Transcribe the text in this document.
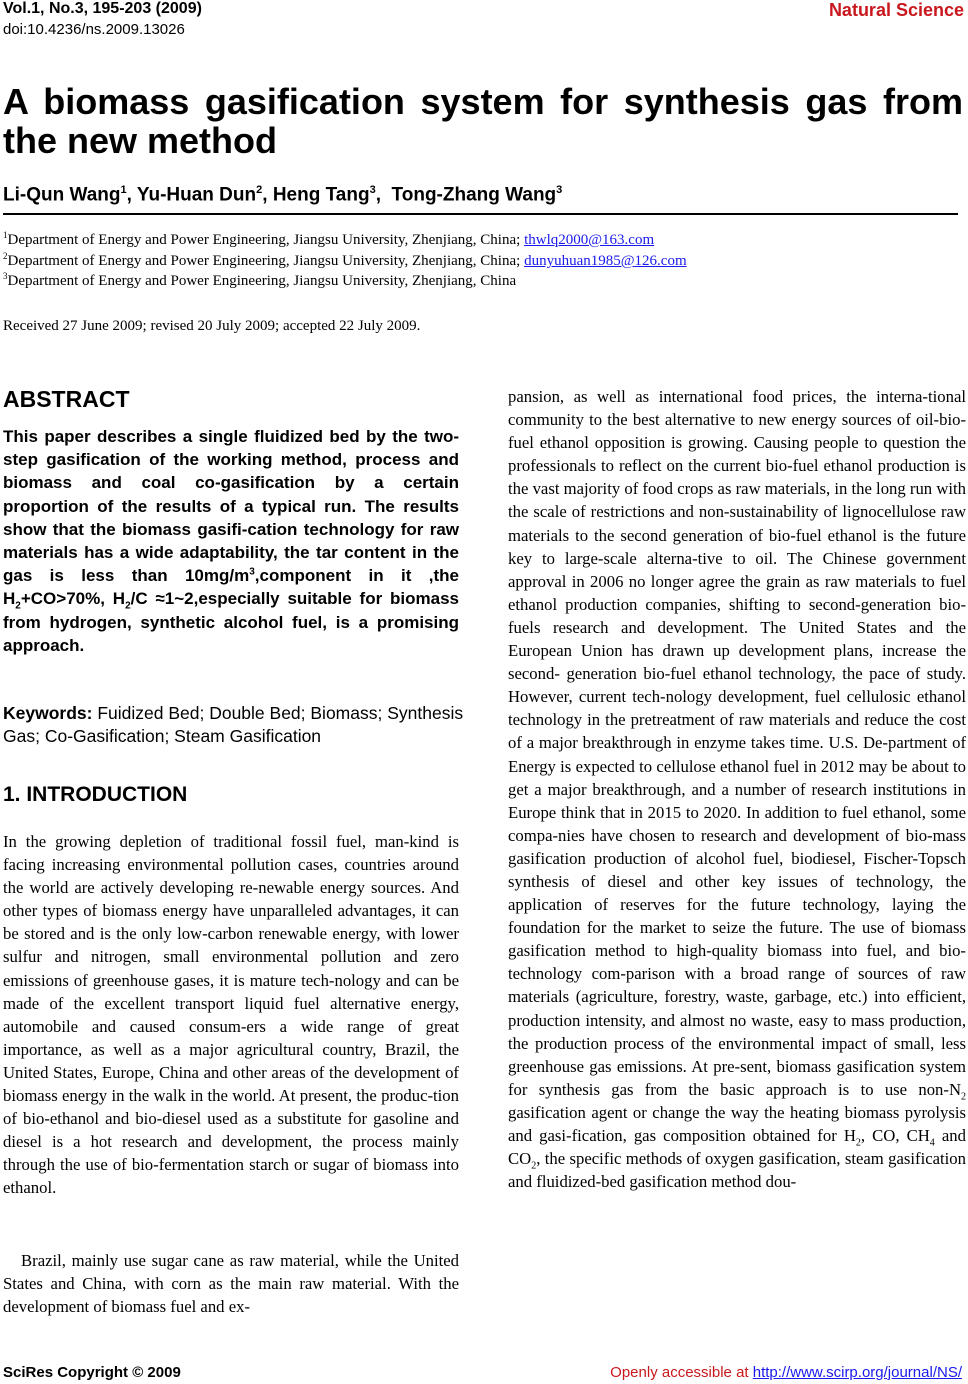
Vol.1, No.3, 195-203 (2009)
doi:10.4236/ns.2009.13026
Natural Science
A biomass gasification system for synthesis gas from the new method
Li-Qun Wang$^1$, Yu-Huan Dun$^2$, Heng Tang$^3$,  Tong-Zhang Wang$^3$
$^1$Department of Energy and Power Engineering, Jiangsu University, Zhenjiang, China; thwlq2000@163.com
$^2$Department of Energy and Power Engineering, Jiangsu University, Zhenjiang, China; dunyuhuan1985@126.com
$^3$Department of Energy and Power Engineering, Jiangsu University, Zhenjiang, China
Received 27 June 2009; revised 20 July 2009; accepted 22 July 2009.
ABSTRACT

This paper describes a single fluidized bed by the two-step gasification of the working method, process and biomass and coal co-gasification by a certain proportion of the results of a typical run. The results show that the biomass gasifi-cation technology for raw materials has a wide adaptability, the tar content in the gas is less than $10mg/m^3,component$ in it ,the $H_2+CO>70\%$, $H_2/C$ ≈1~2,especially suitable for biomass from hydrogen, synthetic alcohol fuel, is a promising approach.

Keywords: Fuidized Bed; Double Bed; Biomass; Synthesis Gas; Co-Gasification; Steam Gasification

1. INTRODUCTION

In the growing depletion of traditional fossil fuel, man-kind is facing increasing environmental pollution cases, countries around the world are actively developing re-newable energy sources. And other types of biomass energy have unparalleled advantages, it can be stored and is the only low-carbon renewable energy, with lower sulfur and nitrogen, small environmental pollution and zero emissions of greenhouse gases, it is mature tech-nology and can be made of the excellent transport liquid fuel alternative energy, automobile and caused consum-ers a wide range of great importance, as well as a major agricultural country, Brazil, the United States, Europe, China and other areas of the development of biomass energy in the walk in the world. At present, the produc-tion of bio-ethanol and bio-diesel used as a substitute for gasoline and diesel is a hot research and development, the process mainly through the use of bio-fermentation starch or sugar of biomass into ethanol.

Brazil, mainly use sugar cane as raw material, while the United States and China, with corn as the main raw material. With the development of biomass fuel and ex-

pansion, as well as international food prices, the interna-tional community to the best alternative to new energy sources of oil-bio-fuel ethanol opposition is growing. Causing people to question the professionals to reflect on the current bio-fuel ethanol production is the vast majority of food crops as raw materials, in the long run with the scale of restrictions and non-sustainability of lignocellulose raw materials to the second generation of bio-fuel ethanol is the future key to large-scale alterna-tive to oil. The Chinese government approval in 2006 no longer agree the grain as raw materials to fuel ethanol production companies, shifting to second-generation bio-fuels research and development. The United States and the European Union has drawn up development plans, increase the second- generation bio-fuel ethanol technology, the pace of study. However, current tech-nology development, fuel cellulosic ethanol technology in the pretreatment of raw materials and reduce the cost of a major breakthrough in enzyme takes time. U.S. De-partment of Energy is expected to cellulose ethanol fuel in 2012 may be about to get a major breakthrough, and a number of research institutions in Europe think that in 2015 to 2020. In addition to fuel ethanol, some compa-nies have chosen to research and development of bio-mass gasification production of alcohol fuel, biodiesel, Fischer-Topsch synthesis of diesel and other key issues of technology, the application of reserves for the future technology, laying the foundation for the market to seize the future. The use of biomass gasification method to high-quality biomass into fuel, and bio-technology com-parison with a broad range of sources of raw materials (agriculture, forestry, waste, garbage, etc.) into efficient, production intensity, and almost no waste, easy to mass production, the production process of the environmental impact of small, less greenhouse gas emissions. At pre-sent, biomass gasification system for synthesis gas from the basic approach is to use non-$N_2$ gasification agent or change the way the heating biomass pyrolysis and gasi-fication, gas composition obtained for $H_2$, CO, $CH_4$ and $CO_2$, the specific methods of oxygen gasification, steam gasification and fluidized-bed gasification method dou-

SciRes Copyright © 2009	Openly accessible at http://www.scirp.org/journal/NS/
